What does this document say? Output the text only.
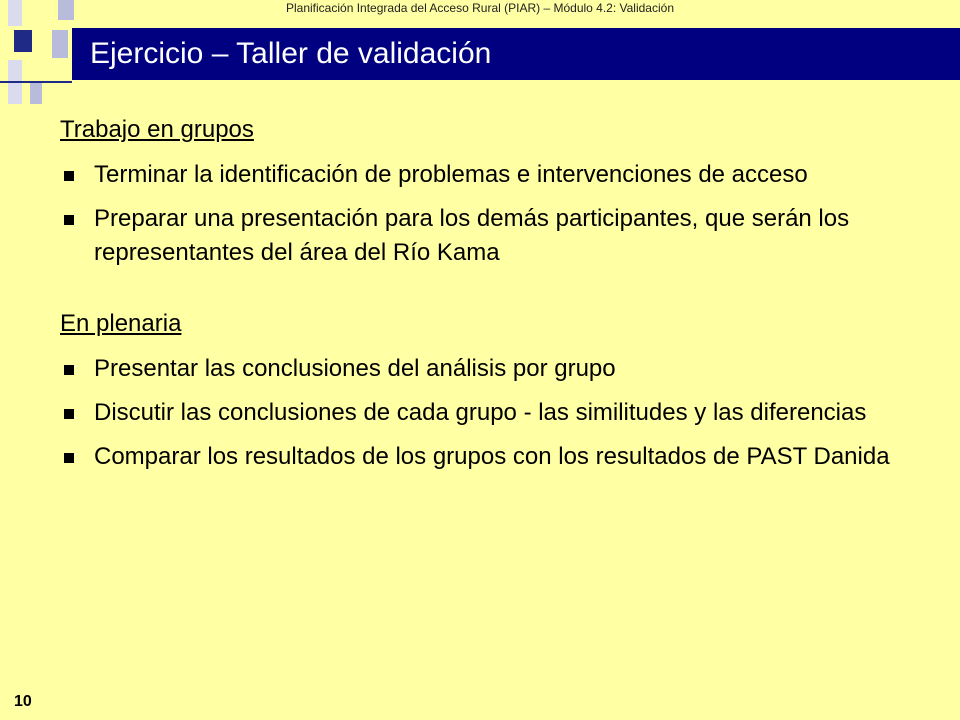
Planificación Integrada del Acceso Rural (PIAR) – Módulo 4.2: Validación
Ejercicio – Taller de validación
Trabajo en grupos
Terminar la identificación de problemas e intervenciones de acceso
Preparar una presentación para los demás participantes, que serán los representantes del área del Río Kama
En plenaria
Presentar las conclusiones del análisis por grupo
Discutir las conclusiones de cada grupo - las similitudes y las diferencias
Comparar los resultados de los grupos con los resultados de PAST Danida
10
